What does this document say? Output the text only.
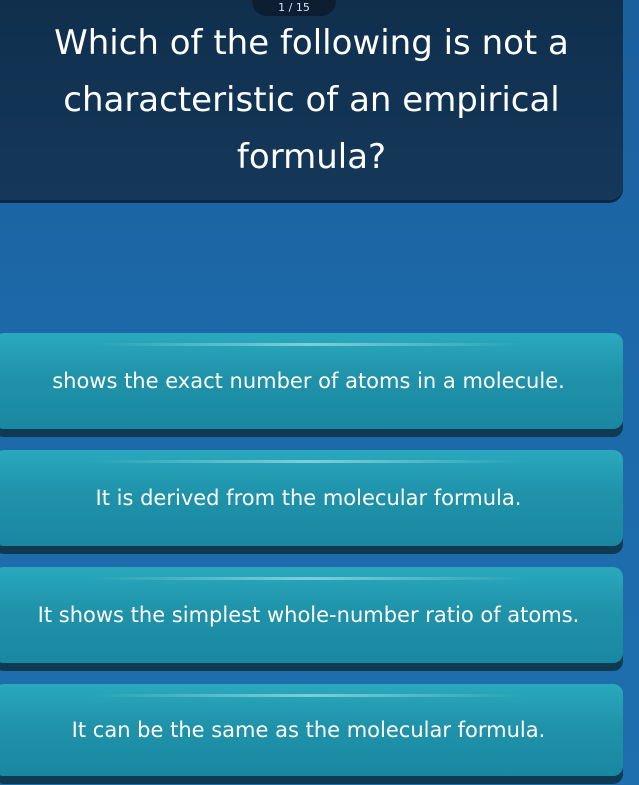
1 / 15
Which of the following is not a characteristic of an empirical formula?
shows the exact number of atoms in a molecule.
It is derived from the molecular formula.
It shows the simplest whole-number ratio of atoms.
It can be the same as the molecular formula.
